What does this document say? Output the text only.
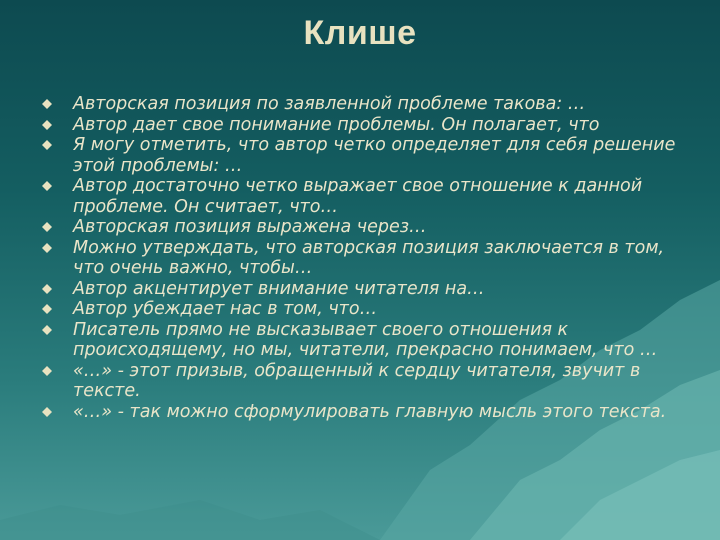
Клише
Авторская позиция по заявленной проблеме такова: …
Автор дает свое понимание проблемы. Он полагает, что
Я могу отметить, что автор четко определяет для себя решение этой проблемы: …
Автор достаточно четко выражает свое отношение к данной проблеме. Он считает, что…
Авторская позиция выражена через…
Можно утверждать, что авторская позиция заключается в том, что очень важно, чтобы…
Автор акцентирует внимание читателя на…
Автор убеждает нас в том, что…
Писатель прямо не высказывает своего отношения к происходящему, но мы, читатели, прекрасно понимаем, что …
«…» - этот призыв, обращенный к сердцу читателя, звучит в тексте.
«…» - так можно сформулировать главную мысль этого текста.
